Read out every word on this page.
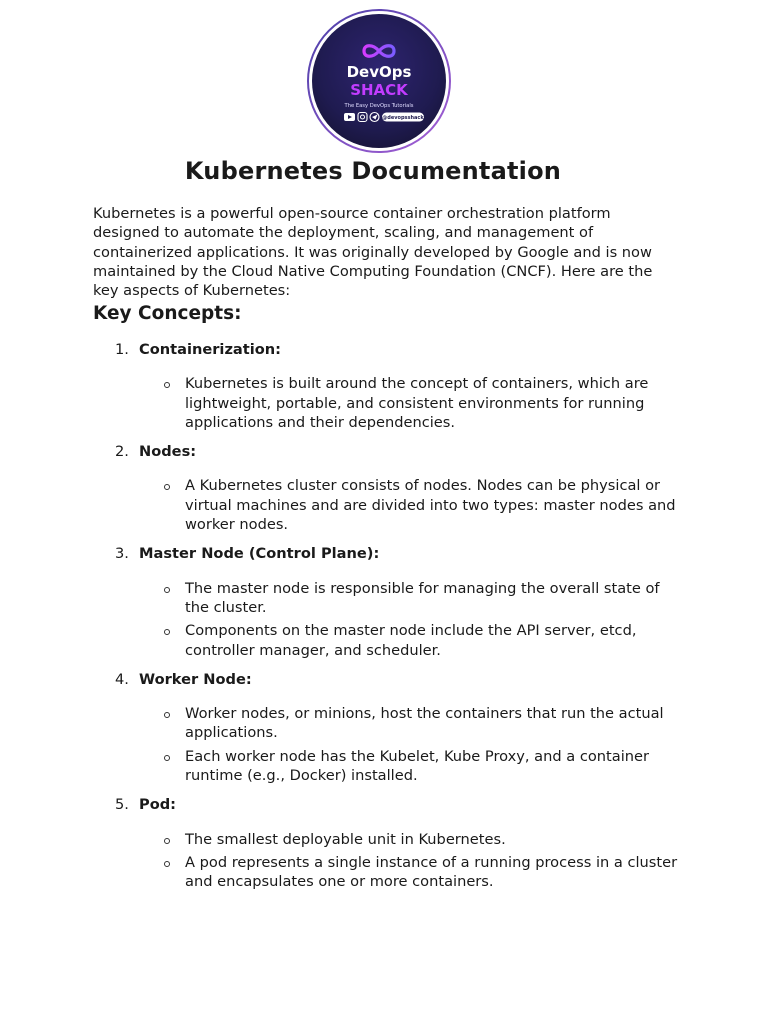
DevOps
SHACK
The Easy DevOps Tutorials
@devopsshack
Kubernetes Documentation

Kubernetes is a powerful open-source container orchestration platform designed to automate the deployment, scaling, and management of containerized applications. It was originally developed by Google and is now maintained by the Cloud Native Computing Foundation (CNCF). Here are the key aspects of Kubernetes:

Key Concepts:
1. Containerization:
Kubernetes is built around the concept of containers, which are lightweight, portable, and consistent environments for running applications and their dependencies.
2. Nodes:
A Kubernetes cluster consists of nodes. Nodes can be physical or virtual machines and are divided into two types: master nodes and worker nodes.
3. Master Node (Control Plane):
The master node is responsible for managing the overall state of the cluster.
Components on the master node include the API server, etcd, controller manager, and scheduler.
4. Worker Node:
Worker nodes, or minions, host the containers that run the actual applications.
Each worker node has the Kubelet, Kube Proxy, and a container runtime (e.g., Docker) installed.
5. Pod:
The smallest deployable unit in Kubernetes.
A pod represents a single instance of a running process in a cluster and encapsulates one or more containers.
